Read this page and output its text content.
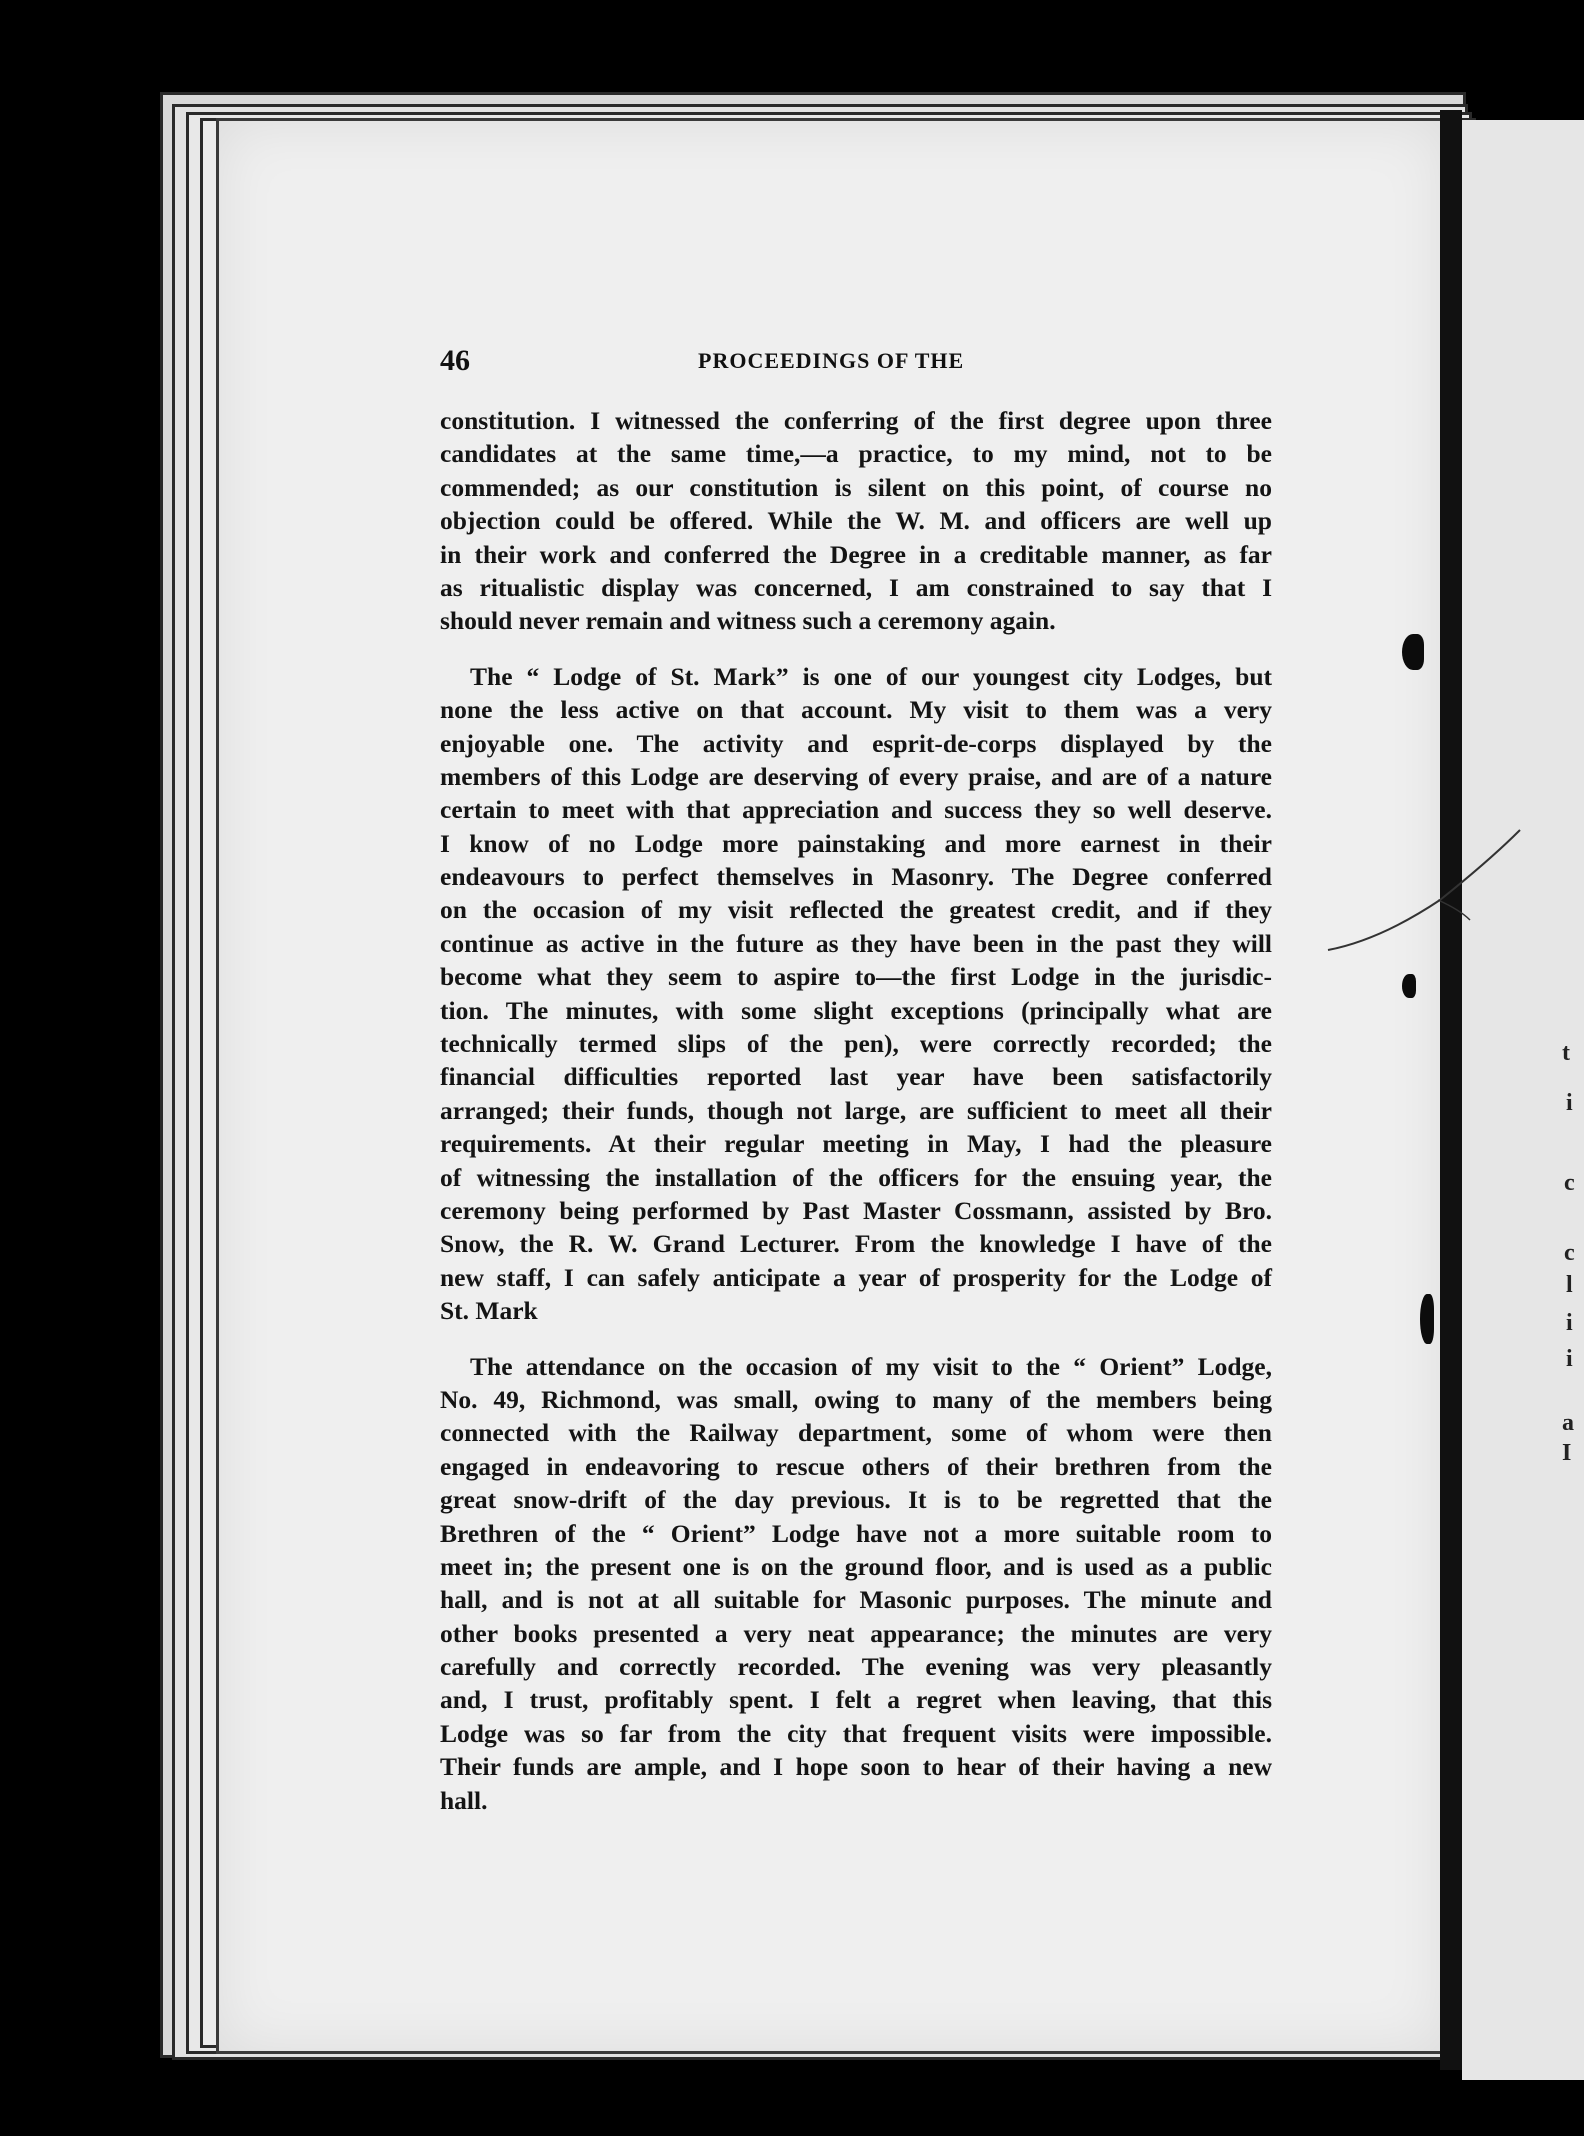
t
i
c
c
l
i
i
a
I
46	PROCEEDINGS OF THE
constitution. I witnessed the conferring of the first degree upon three
candidates at the same time,—a practice, to my mind, not to be
commended; as our constitution is silent on this point, of course no
objection could be offered. While the W. M. and officers are well up
in their work and conferred the Degree in a creditable manner, as far
as ritualistic display was concerned, I am constrained to say that I
should never remain and witness such a ceremony again.
The “ Lodge of St. Mark” is one of our youngest city Lodges, but
none the less active on that account. My visit to them was a very
enjoyable one. The activity and esprit-de-corps displayed by the
members of this Lodge are deserving of every praise, and are of a nature
certain to meet with that appreciation and success they so well deserve.
I know of no Lodge more painstaking and more earnest in their
endeavours to perfect themselves in Masonry. The Degree conferred
on the occasion of my visit reflected the greatest credit, and if they
continue as active in the future as they have been in the past they will
become what they seem to aspire to—the first Lodge in the jurisdic-
tion. The minutes, with some slight exceptions (principally what are
technically termed slips of the pen), were correctly recorded; the
financial difficulties reported last year have been satisfactorily
arranged; their funds, though not large, are sufficient to meet all their
requirements. At their regular meeting in May, I had the pleasure
of witnessing the installation of the officers for the ensuing year, the
ceremony being performed by Past Master Cossmann, assisted by Bro.
Snow, the R. W. Grand Lecturer. From the knowledge I have of the
new staff, I can safely anticipate a year of prosperity for the Lodge of
St. Mark
The attendance on the occasion of my visit to the “ Orient” Lodge,
No. 49, Richmond, was small, owing to many of the members being
connected with the Railway department, some of whom were then
engaged in endeavoring to rescue others of their brethren from the
great snow-drift of the day previous. It is to be regretted that the
Brethren of the “ Orient” Lodge have not a more suitable room to
meet in; the present one is on the ground floor, and is used as a public
hall, and is not at all suitable for Masonic purposes. The minute and
other books presented a very neat appearance; the minutes are very
carefully and correctly recorded. The evening was very pleasantly
and, I trust, profitably spent. I felt a regret when leaving, that this
Lodge was so far from the city that frequent visits were impossible.
Their funds are ample, and I hope soon to hear of their having a new
hall.
